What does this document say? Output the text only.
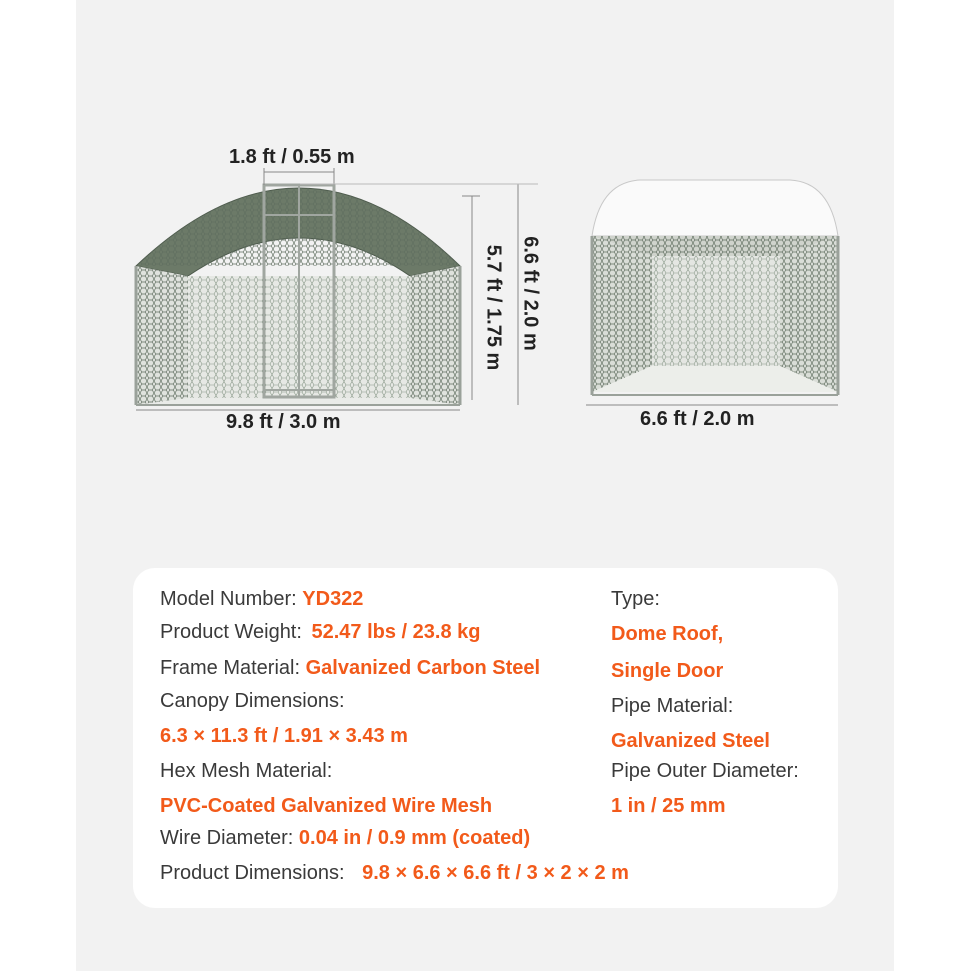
1.8 ft / 0.55 m
9.8 ft / 3.0 m	6.6 ft / 2.0 m
5.7 ft / 1.75 m 6.6 ft / 2.0 m
Model Number: YD322
Product Weight: 52.47 lbs / 23.8 kg
Frame Material: Galvanized Carbon Steel
Canopy Dimensions:
6.3 × 11.3 ft / 1.91 × 3.43 m
Hex Mesh Material:
PVC-Coated Galvanized Wire Mesh
Wire Diameter: 0.04 in / 0.9 mm (coated)
Product Dimensions: 9.8 × 6.6 × 6.6 ft / 3 × 2 × 2 m
Type:
Dome Roof,
Single Door
Pipe Material:
Galvanized Steel
Pipe Outer Diameter:
1 in / 25 mm
